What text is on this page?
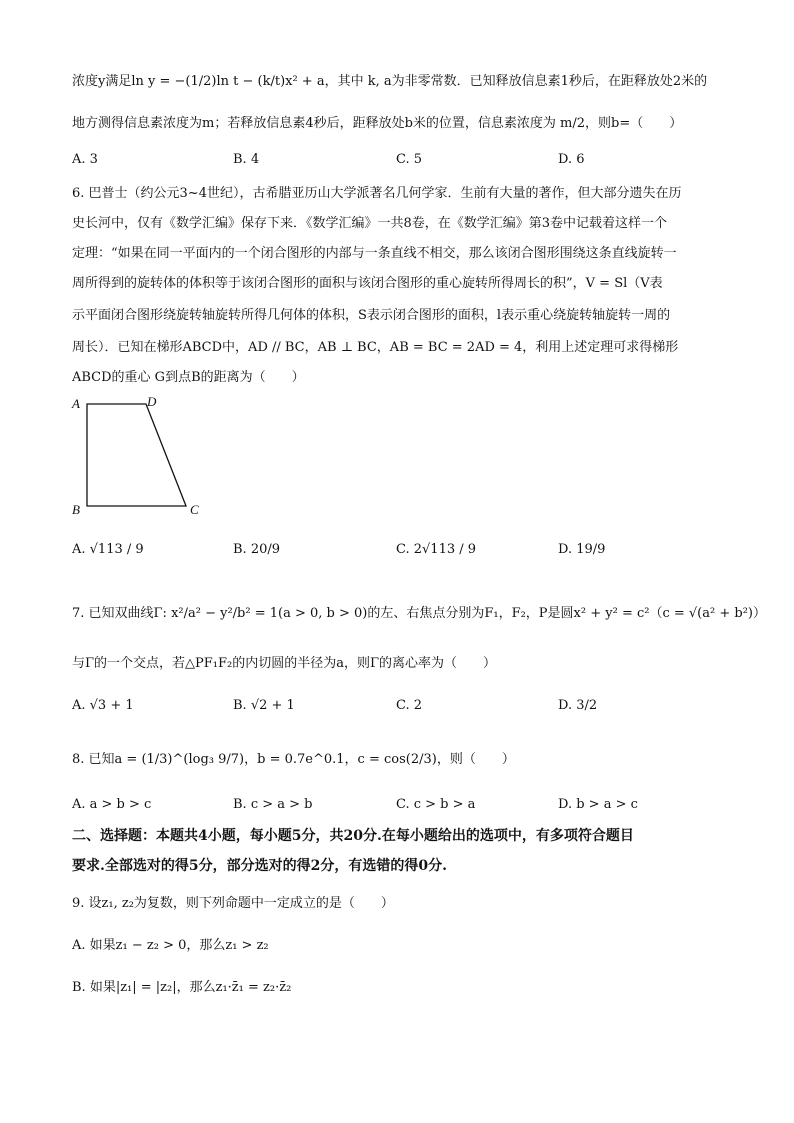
浓度y满足ln y = −(1/2)ln t − (k/t)x² + a，其中 k, a为非零常数．已知释放信息素1秒后，在距释放处2米的
地方测得信息素浓度为m；若释放信息素4秒后，距释放处b米的位置，信息素浓度为 m/2，则b=（　　）
A. 3	B. 4	C. 5	D. 6
6. 巴普士（约公元3~4世纪），古希腊亚历山大学派著名几何学家．生前有大量的著作，但大部分遗失在历
史长河中，仅有《数学汇编》保存下来．《数学汇编》一共8卷，在《数学汇编》第3卷中记载着这样一个
定理：“如果在同一平面内的一个闭合图形的内部与一条直线不相交，那么该闭合图形围绕这条直线旋转一
周所得到的旋转体的体积等于该闭合图形的面积与该闭合图形的重心旋转所得周长的积”，V = Sl（V表
示平面闭合图形绕旋转轴旋转所得几何体的体积，S表示闭合图形的面积，l表示重心绕旋转轴旋转一周的
周长）．已知在梯形ABCD中，AD // BC，AB ⊥ BC，AB = BC = 2AD = 4，利用上述定理可求得梯形
ABCD的重心 G到点B的距离为（　　）
A	D
B	C
A. √113 / 9	B. 20/9	C. 2√113 / 9	D. 19/9
7. 已知双曲线Γ: x²/a² − y²/b² = 1(a > 0, b > 0)的左、右焦点分别为F₁，F₂，P是圆x² + y² = c²（c = √(a² + b²)）
与Γ的一个交点，若△PF₁F₂的内切圆的半径为a，则Γ的离心率为（　　）
A. √3 + 1	B. √2 + 1	C. 2	D. 3/2
8. 已知a = (1/3)^(log₃ 9/7)，b = 0.7e^0.1，c = cos(2/3)，则（　　）
A. a > b > c	B. c > a > b	C. c > b > a	D. b > a > c
二、选择题：本题共4小题，每小题5分，共20分.在每小题给出的选项中，有多项符合题目
要求.全部选对的得5分，部分选对的得2分，有选错的得0分.
9. 设z₁, z₂为复数，则下列命题中一定成立的是（　　）
A. 如果z₁ − z₂ > 0，那么z₁ > z₂
B. 如果|z₁| = |z₂|，那么z₁·z̄₁ = z₂·z̄₂
